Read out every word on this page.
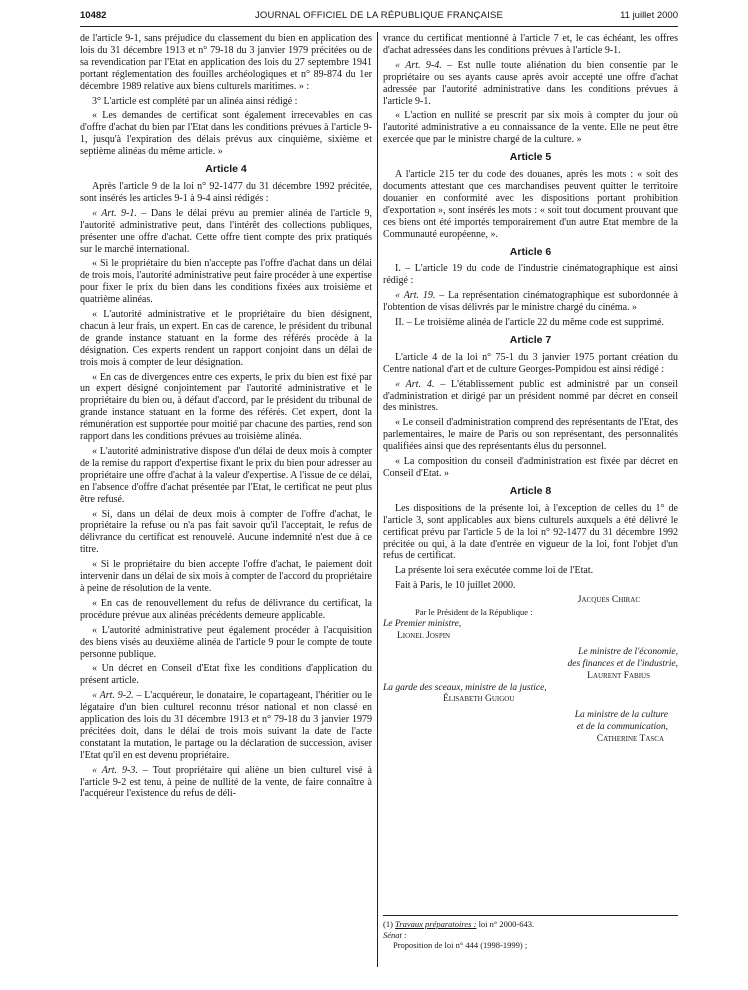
10482	JOURNAL OFFICIEL DE LA RÉPUBLIQUE FRANÇAISE	11 juillet 2000

de l'article 9-1, sans préjudice du classement du bien en application des lois du 31 décembre 1913 et n° 79-18 du 3 janvier 1979 précitées ou de sa revendication par l'Etat en application des lois du 27 septembre 1941 portant réglementation des fouilles archéologiques et n° 89-874 du 1er décembre 1989 relative aux biens culturels maritimes. » :

3° L'article est complété par un alinéa ainsi rédigé :

« Les demandes de certificat sont également irrecevables en cas d'offre d'achat du bien par l'Etat dans les conditions prévues à l'article 9-1, jusqu'à l'expiration des délais prévus aux cinquième, sixième et septième alinéas du même article. »

Article 4

Après l'article 9 de la loi n° 92-1477 du 31 décembre 1992 précitée, sont insérés les articles 9-1 à 9-4 ainsi rédigés :

« Art. 9-1. – Dans le délai prévu au premier alinéa de l'article 9, l'autorité administrative peut, dans l'intérêt des collections publiques, présenter une offre d'achat. Cette offre tient compte des prix pratiqués sur le marché international.

« Si le propriétaire du bien n'accepte pas l'offre d'achat dans un délai de trois mois, l'autorité administrative peut faire procéder à une expertise pour fixer le prix du bien dans les conditions fixées aux troisième et quatrième alinéas.

« L'autorité administrative et le propriétaire du bien désignent, chacun à leur frais, un expert. En cas de carence, le président du tribunal de grande instance statuant en la forme des référés procède à la désignation. Ces experts rendent un rapport conjoint dans un délai de trois mois à compter de leur désignation.

« En cas de divergences entre ces experts, le prix du bien est fixé par un expert désigné conjointement par l'autorité administrative et le propriétaire du bien ou, à défaut d'accord, par le président du tribunal de grande instance statuant en la forme des référés. Cet expert, dont la rémunération est supportée pour moitié par chacune des parties, rend son rapport dans les conditions prévues au troisième alinéa.

« L'autorité administrative dispose d'un délai de deux mois à compter de la remise du rapport d'expertise fixant le prix du bien pour adresser au propriétaire une offre d'achat à la valeur d'expertise. A l'issue de ce délai, en l'absence d'offre d'achat présentée par l'Etat, le certificat ne peut plus être refusé.

« Si, dans un délai de deux mois à compter de l'offre d'achat, le propriétaire la refuse ou n'a pas fait savoir qu'il l'acceptait, le refus de délivrance du certificat est renouvelé. Aucune indemnité n'est due à ce titre.

« Si le propriétaire du bien accepte l'offre d'achat, le paiement doit intervenir dans un délai de six mois à compter de l'accord du propriétaire à peine de résolution de la vente.

« En cas de renouvellement du refus de délivrance du certificat, la procédure prévue aux alinéas précédents demeure applicable.

« L'autorité administrative peut également procéder à l'acquisition des biens visés au deuxième alinéa de l'article 9 pour le compte de toute personne publique.

« Un décret en Conseil d'Etat fixe les conditions d'application du présent article.

« Art. 9-2. – L'acquéreur, le donataire, le copartageant, l'héritier ou le légataire d'un bien culturel reconnu trésor national et non classé en application des lois du 31 décembre 1913 et n° 79-18 du 3 janvier 1979 précitées doit, dans le délai de trois mois suivant la date de l'acte constatant la mutation, le partage ou la déclaration de succession, aviser l'Etat qu'il en est devenu propriétaire.

« Art. 9-3. – Tout propriétaire qui aliène un bien culturel visé à l'article 9-2 est tenu, à peine de nullité de la vente, de faire connaître à l'acquéreur l'existence du refus de déli-

vrance du certificat mentionné à l'article 7 et, le cas échéant, les offres d'achat adressées dans les conditions prévues à l'article 9-1.

« Art. 9-4. – Est nulle toute aliénation du bien consentie par le propriétaire ou ses ayants cause après avoir accepté une offre d'achat adressée par l'autorité administrative dans les conditions prévues à l'article 9-1.

« L'action en nullité se prescrit par six mois à compter du jour où l'autorité administrative a eu connaissance de la vente. Elle ne peut être exercée que par le ministre chargé de la culture. »

Article 5

A l'article 215 ter du code des douanes, après les mots : « soit des documents attestant que ces marchandises peuvent quitter le territoire douanier en conformité avec les dispositions portant prohibition d'exportation », sont insérés les mots : « soit tout document prouvant que ces biens ont été importés temporairement d'un autre Etat membre de la Communauté européenne, ».

Article 6

I. – L'article 19 du code de l'industrie cinématographique est ainsi rédigé :

« Art. 19. – La représentation cinématographique est subordonnée à l'obtention de visas délivrés par le ministre chargé du cinéma. »

II. – Le troisième alinéa de l'article 22 du même code est supprimé.

Article 7

L'article 4 de la loi n° 75-1 du 3 janvier 1975 portant création du Centre national d'art et de culture Georges-Pompidou est ainsi rédigé :

« Art. 4. – L'établissement public est administré par un conseil d'administration et dirigé par un président nommé par décret en conseil des ministres.

« Le conseil d'administration comprend des représentants de l'Etat, des parlementaires, le maire de Paris ou son représentant, des personnalités qualifiées ainsi que des représentants élus du personnel.

« La composition du conseil d'administration est fixée par décret en Conseil d'Etat. »

Article 8

Les dispositions de la présente loi, à l'exception de celles du 1° de l'article 3, sont applicables aux biens culturels auxquels a été délivré le certificat prévu par l'article 5 de la loi n° 92-1477 du 31 décembre 1992 précitée ou qui, à la date d'entrée en vigueur de la loi, font l'objet d'un refus de certificat.

La présente loi sera exécutée comme loi de l'Etat.

Fait à Paris, le 10 juillet 2000.

Jacques Chirac
Par le Président de la République :
Le Premier ministre,
Lionel Jospin
Le ministre de l'économie,
des finances et de l'industrie,
Laurent Fabius
La garde des sceaux, ministre de la justice,
Élisabeth Guigou
La ministre de la culture
et de la communication,
Catherine Tasca
(1) Travaux préparatoires : loi n° 2000-643.
Sénat :
Proposition de loi n° 444 (1998-1999) ;
